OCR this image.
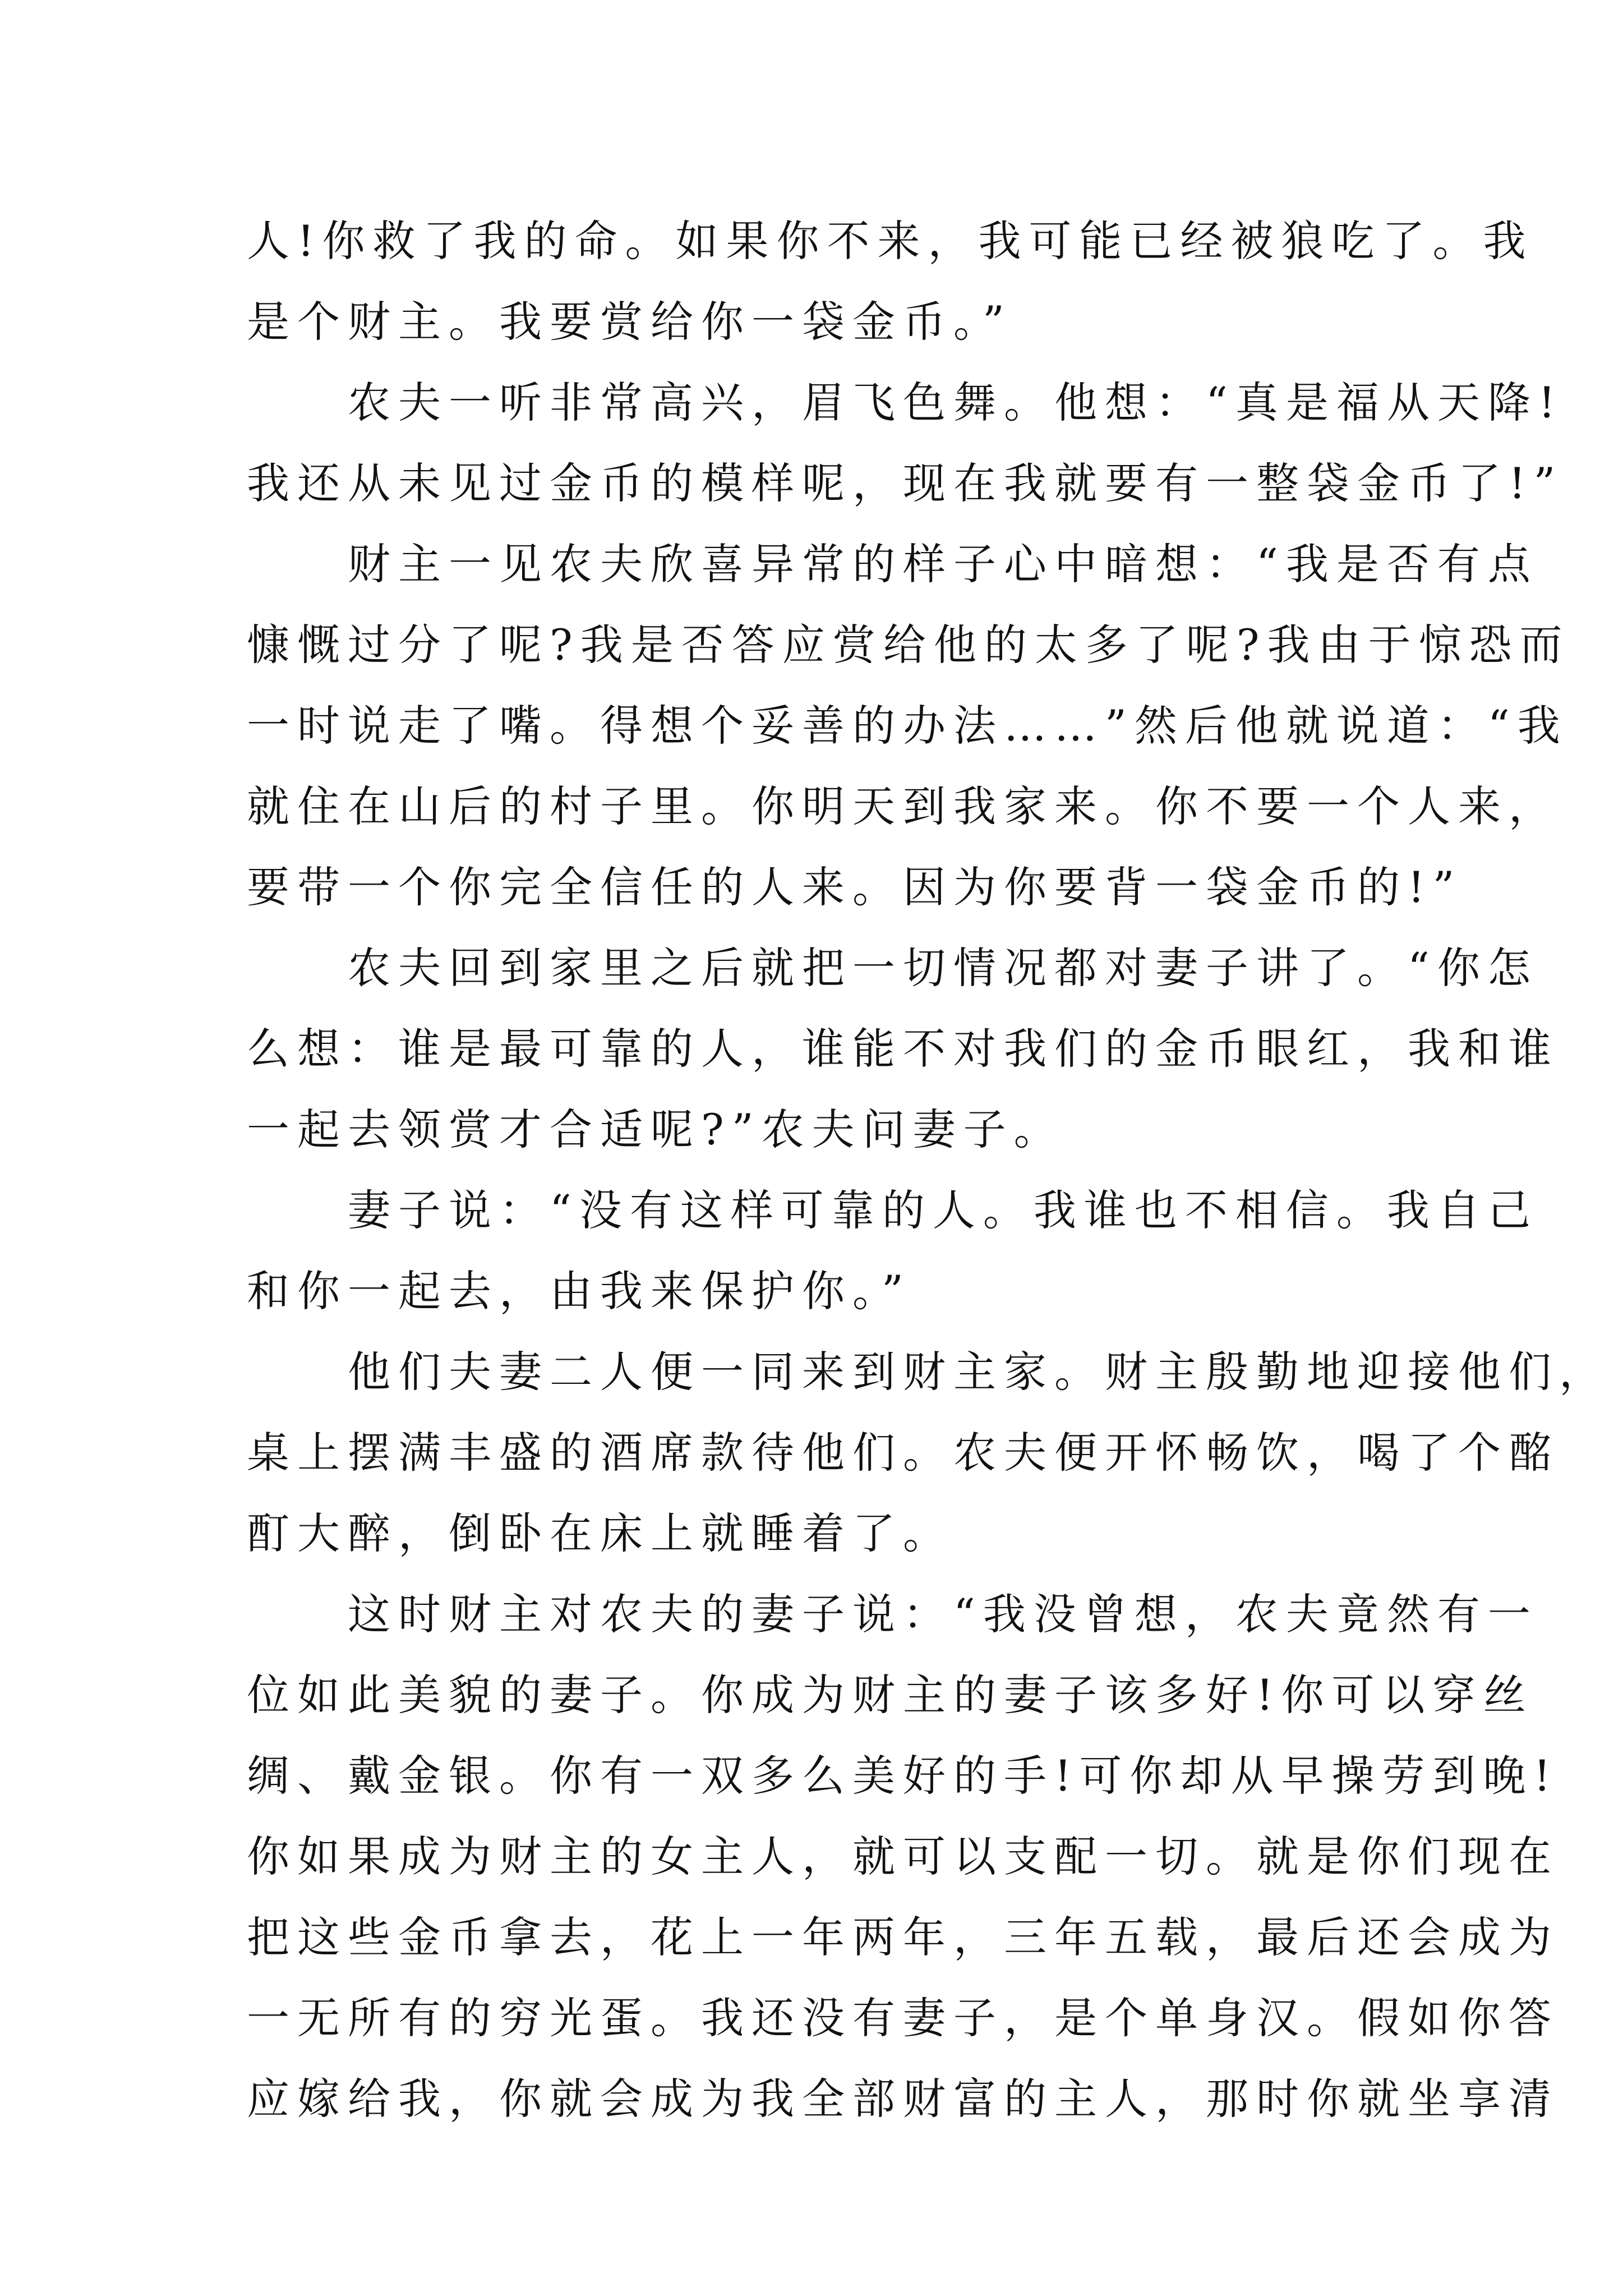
人!你救了我的命。如果你不来，我可能已经被狼吃了。我
是个财主。我要赏给你一袋金币。”
农夫一听非常高兴，眉飞色舞。他想：“真是福从天降!
我还从未见过金币的模样呢，现在我就要有一整袋金币了!”
财主一见农夫欣喜异常的样子心中暗想：“我是否有点
慷慨过分了呢?我是否答应赏给他的太多了呢?我由于惊恐而
一时说走了嘴。得想个妥善的办法……”然后他就说道：“我
就住在山后的村子里。你明天到我家来。你不要一个人来，
要带一个你完全信任的人来。因为你要背一袋金币的!”
农夫回到家里之后就把一切情况都对妻子讲了。“你怎
么想：谁是最可靠的人，谁能不对我们的金币眼红，我和谁
一起去领赏才合适呢?”农夫问妻子。
妻子说：“没有这样可靠的人。我谁也不相信。我自己
和你一起去，由我来保护你。”
他们夫妻二人便一同来到财主家。财主殷勤地迎接他们，
桌上摆满丰盛的酒席款待他们。农夫便开怀畅饮，喝了个酩
酊大醉，倒卧在床上就睡着了。
这时财主对农夫的妻子说：“我没曾想，农夫竟然有一
位如此美貌的妻子。你成为财主的妻子该多好!你可以穿丝
绸、戴金银。你有一双多么美好的手!可你却从早操劳到晚!
你如果成为财主的女主人，就可以支配一切。就是你们现在
把这些金币拿去，花上一年两年，三年五载，最后还会成为
一无所有的穷光蛋。我还没有妻子，是个单身汉。假如你答
应嫁给我，你就会成为我全部财富的主人，那时你就坐享清
